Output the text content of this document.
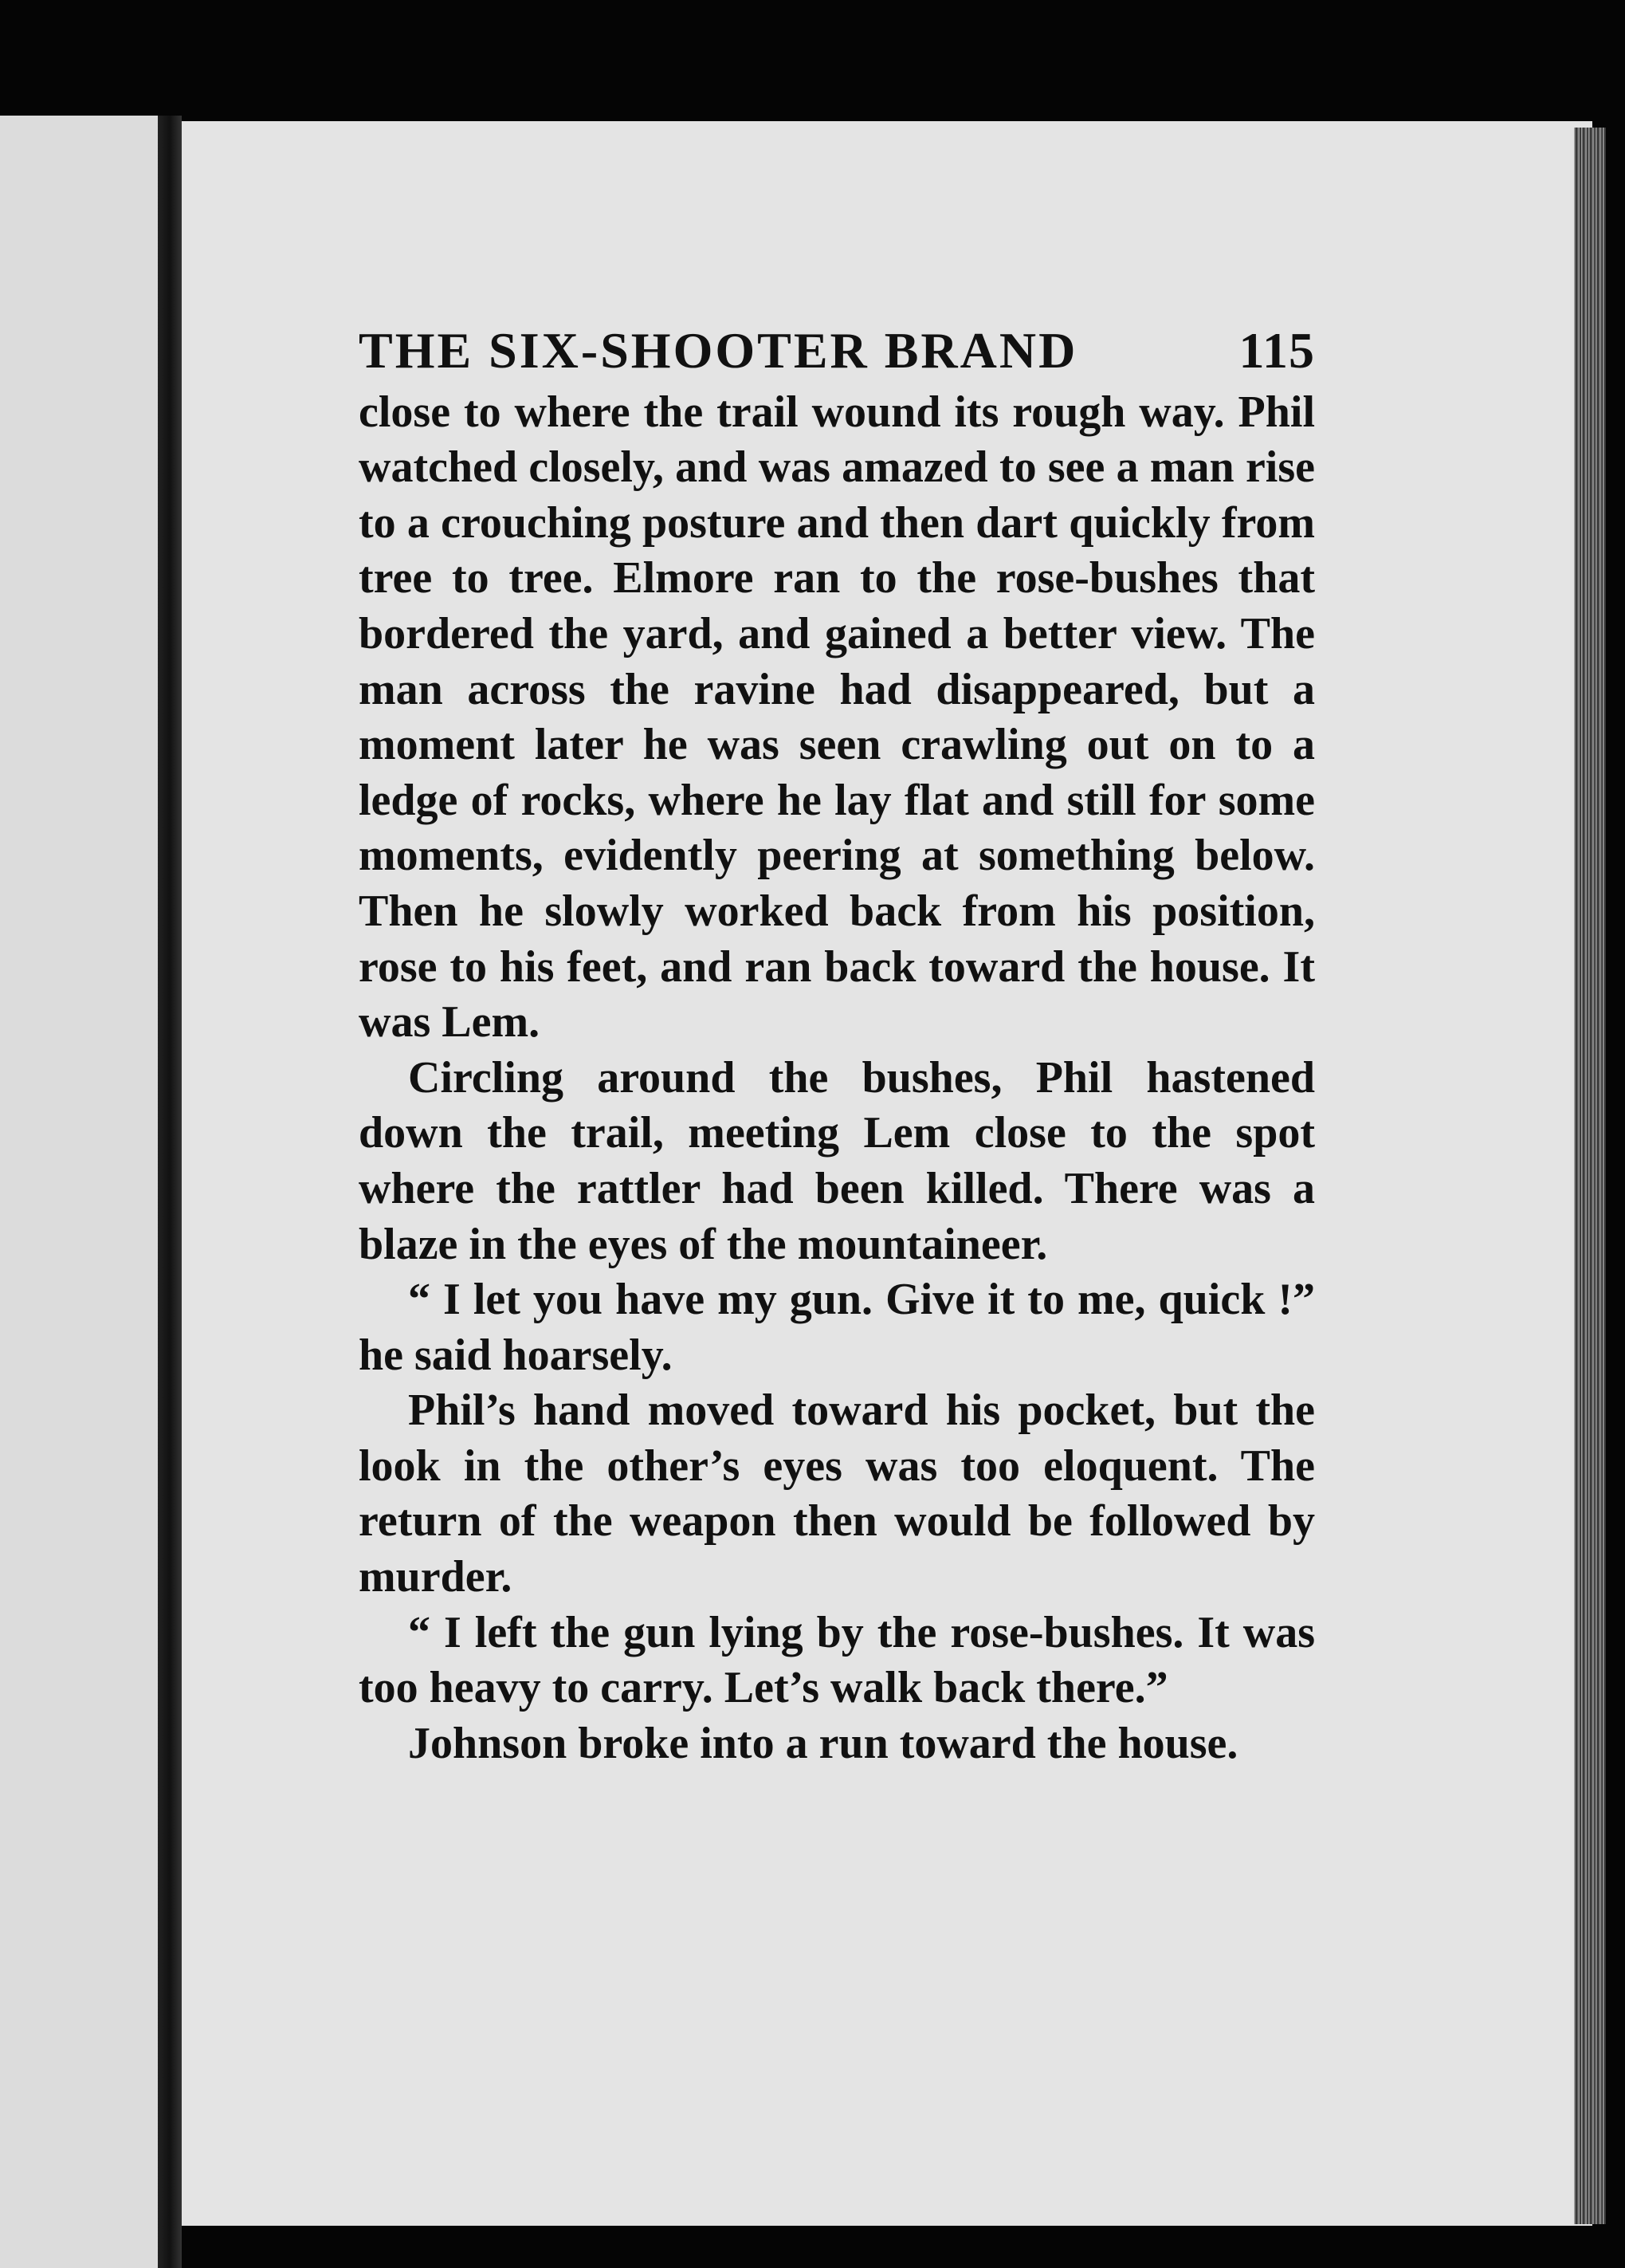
THE SIX-SHOOTER BRAND	115

close to where the trail wound its rough way. Phil watched closely, and was amazed to see a man rise to a crouching posture and then dart quickly from tree to tree. Elmore ran to the rose-bushes that bordered the yard, and gained a better view. The man across the ravine had disappeared, but a moment later he was seen crawling out on to a ledge of rocks, where he lay flat and still for some moments, evidently peering at something below. Then he slowly worked back from his position, rose to his feet, and ran back toward the house. It was Lem.

Circling around the bushes, Phil hastened down the trail, meeting Lem close to the spot where the rattler had been killed. There was a blaze in the eyes of the mountaineer.

“ I let you have my gun. Give it to me, quick !” he said hoarsely.

Phil’s hand moved toward his pocket, but the look in the other’s eyes was too eloquent. The return of the weapon then would be followed by murder.

“ I left the gun lying by the rose-bushes. It was too heavy to carry. Let’s walk back there.”

Johnson broke into a run toward the house.
